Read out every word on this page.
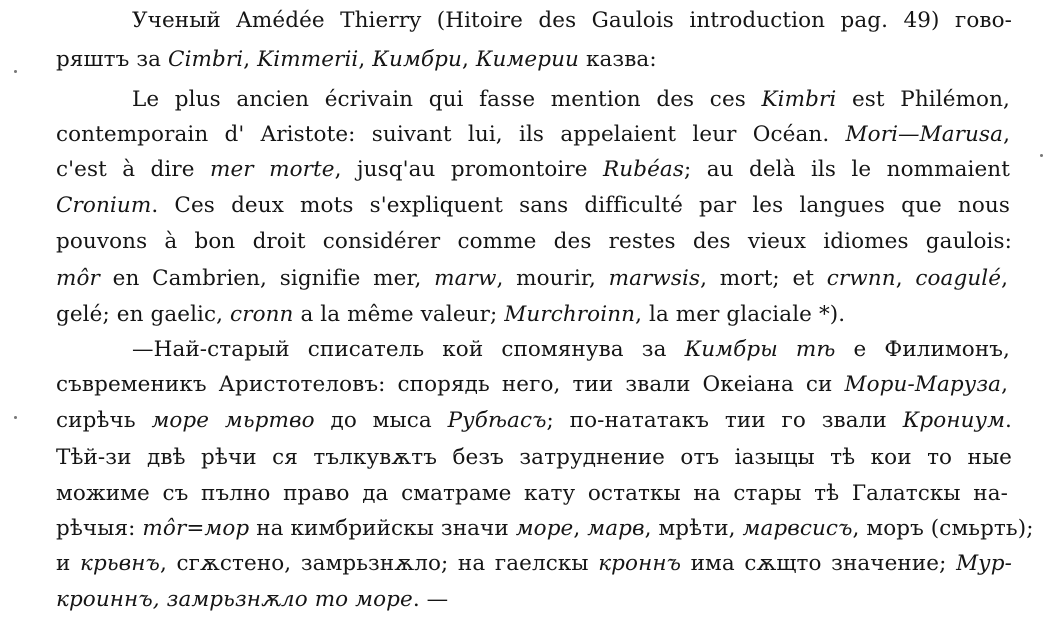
Ученый Amédée Thierry (Hitoire des Gaulois introduction pag. 49) гово-
ряштъ за Cimbri, Kimmerii, Кимбри, Кимерии казва:
Le plus ancien écrivain qui fasse mention des ces Kimbri est Philémon,
contemporain d' Aristote: suivant lui, ils appelaient leur Océan. Mori—Marusa,
c'est à dire mer morte, jusq'au promontoire Rubéas; au delà ils le nommaient
Cronium. Ces deux mots s'expliquent sans difficulté par les langues que nous
pouvons à bon droit considérer comme des restes des vieux idiomes gaulois:
môr en Cambrien, signifie mer, marw, mourir, marwsis, mort; et crwnn, coagulé,
gelé; en gaelic, cronn a la même valeur; Murchroinn, la mer glaciale *).
—Най-старый списатель кой спомянува за Кимбры тѣ е Филимонъ,
съвременикъ Аристотеловъ: спорядь него, тии звали Океіана си Мори-Маруза,
сирѣчь море мьртво до мыса Рубѣасъ; по-нататакъ тии го звали Крониум.
Тѣй-зи двѣ рѣчи ся тълкувѫтъ безъ затруднение отъ іазыцы тѣ кои то ные
можиме съ пълно право да сматраме кату остаткы на стары тѣ Галатскы на-
рѣчыя: môr=мор на кимбрийскы значи море, марв, мрѣти, марвсисъ, моръ (смьрть);
и крьвнъ, сгѫстено, замрьзнѫло; на гаелскы кроннъ има сѫщто значение; Мур-
кроиннъ, замрьзнѫло то море. —
